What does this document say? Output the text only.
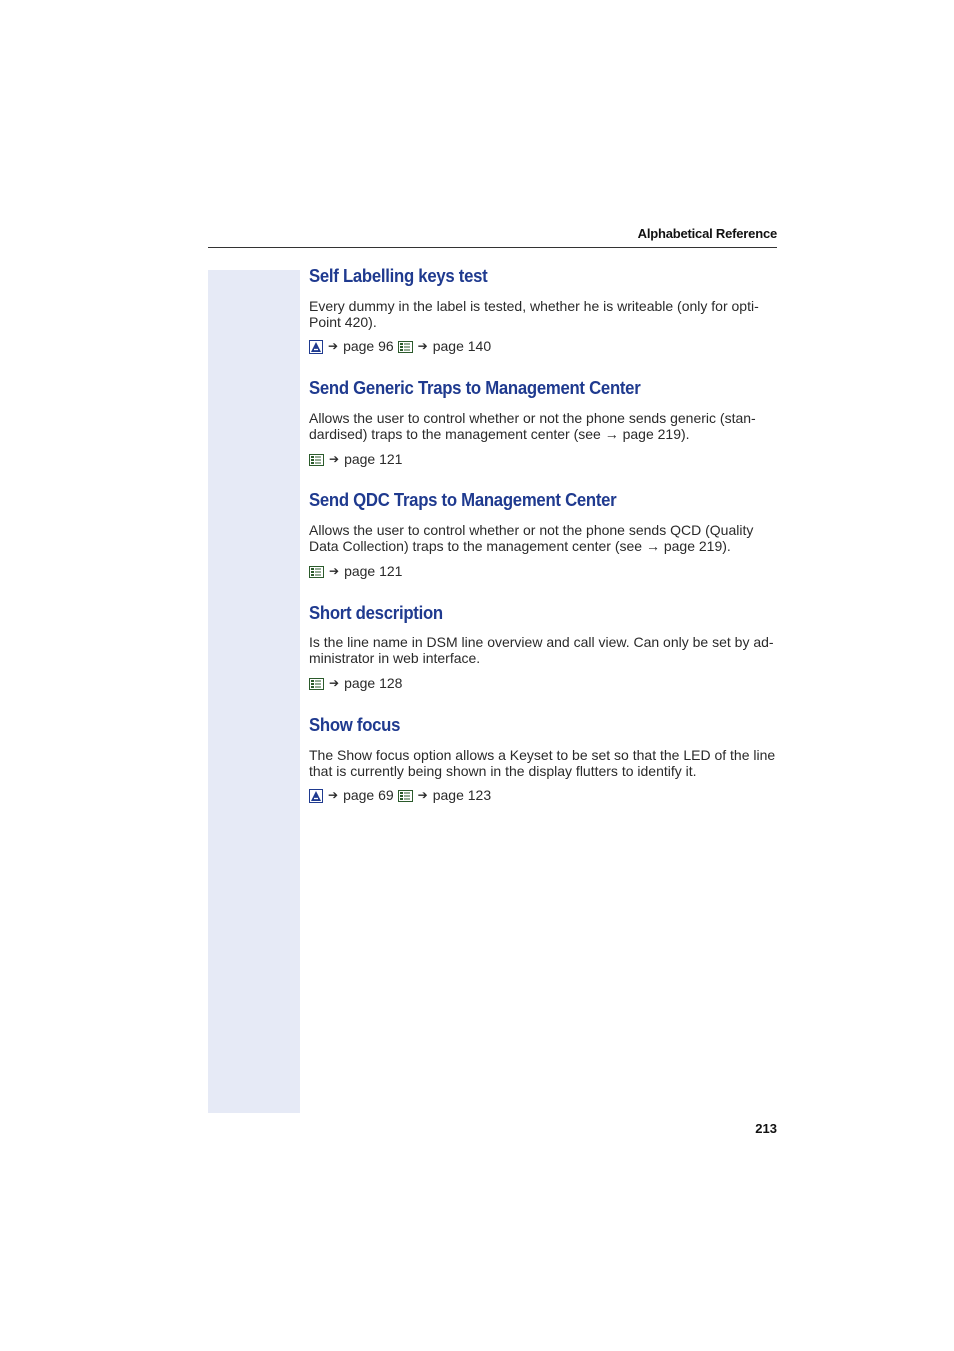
Alphabetical Reference
Self Labelling keys test

Every dummy in the label is tested, whether he is writeable (only for opti-Point 420).

➔ page 96 ➔ page 140
Send Generic Traps to Management Center

Allows the user to control whether or not the phone sends generic (stan-dardised) traps to the management center (see → page 219).

➔ page 121
Send QDC Traps to Management Center

Allows the user to control whether or not the phone sends QCD (Quality Data Collection) traps to the management center (see → page 219).

➔ page 121
Short description

Is the line name in DSM line overview and call view. Can only be set by ad-ministrator in web interface.

➔ page 128
Show focus

The Show focus option allows a Keyset to be set so that the LED of the line that is currently being shown in the display flutters to identify it.

➔ page 69 ➔ page 123
213
